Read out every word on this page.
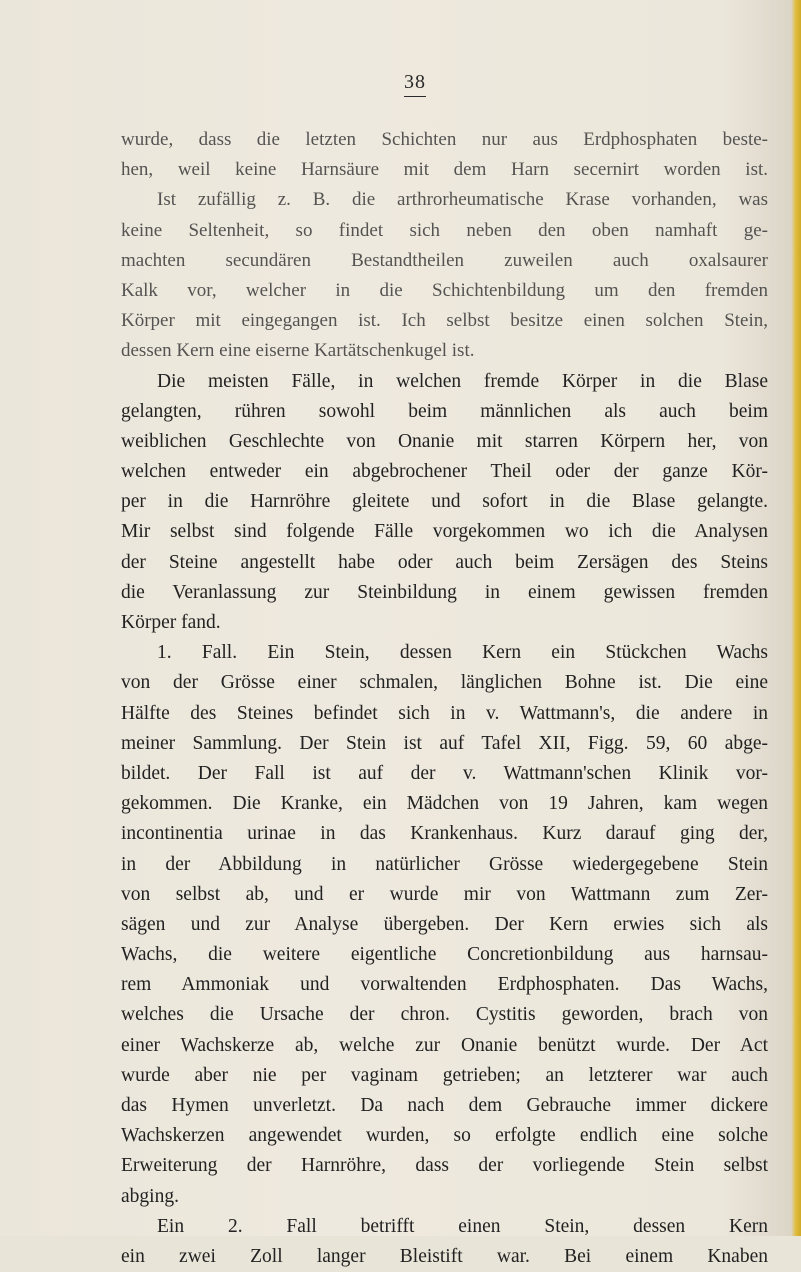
38
wurde, dass die letzten Schichten nur aus Erdphosphaten beste-
hen, weil keine Harnsäure mit dem Harn secernirt worden ist.
Ist zufällig z. B. die arthrorheumatische Krase vorhanden, was
keine Seltenheit, so findet sich neben den oben namhaft ge-
machten secundären Bestandtheilen zuweilen auch oxalsaurer
Kalk vor, welcher in die Schichtenbildung um den fremden
Körper mit eingegangen ist. Ich selbst besitze einen solchen Stein,
dessen Kern eine eiserne Kartätschenkugel ist.
Die meisten Fälle, in welchen fremde Körper in die Blase
gelangten, rühren sowohl beim männlichen als auch beim
weiblichen Geschlechte von Onanie mit starren Körpern her, von
welchen entweder ein abgebrochener Theil oder der ganze Kör-
per in die Harnröhre gleitete und sofort in die Blase gelangte.
Mir selbst sind folgende Fälle vorgekommen wo ich die Analysen
der Steine angestellt habe oder auch beim Zersägen des Steins
die Veranlassung zur Steinbildung in einem gewissen fremden
Körper fand.
1. Fall. Ein Stein, dessen Kern ein Stückchen Wachs
von der Grösse einer schmalen, länglichen Bohne ist. Die eine
Hälfte des Steines befindet sich in v. Wattmann's, die andere in
meiner Sammlung. Der Stein ist auf Tafel XII, Figg. 59, 60 abge-
bildet. Der Fall ist auf der v. Wattmann'schen Klinik vor-
gekommen. Die Kranke, ein Mädchen von 19 Jahren, kam wegen
incontinentia urinae in das Krankenhaus. Kurz darauf ging der,
in der Abbildung in natürlicher Grösse wiedergegebene Stein
von selbst ab, und er wurde mir von Wattmann zum Zer-
sägen und zur Analyse übergeben. Der Kern erwies sich als
Wachs, die weitere eigentliche Concretionbildung aus harnsau-
rem Ammoniak und vorwaltenden Erdphosphaten. Das Wachs,
welches die Ursache der chron. Cystitis geworden, brach von
einer Wachskerze ab, welche zur Onanie benützt wurde. Der Act
wurde aber nie per vaginam getrieben; an letzterer war auch
das Hymen unverletzt. Da nach dem Gebrauche immer dickere
Wachskerzen angewendet wurden, so erfolgte endlich eine solche
Erweiterung der Harnröhre, dass der vorliegende Stein selbst
abging.
Ein 2. Fall betrifft einen Stein, dessen Kern
ein zwei Zoll langer Bleistift war. Bei einem Knaben
